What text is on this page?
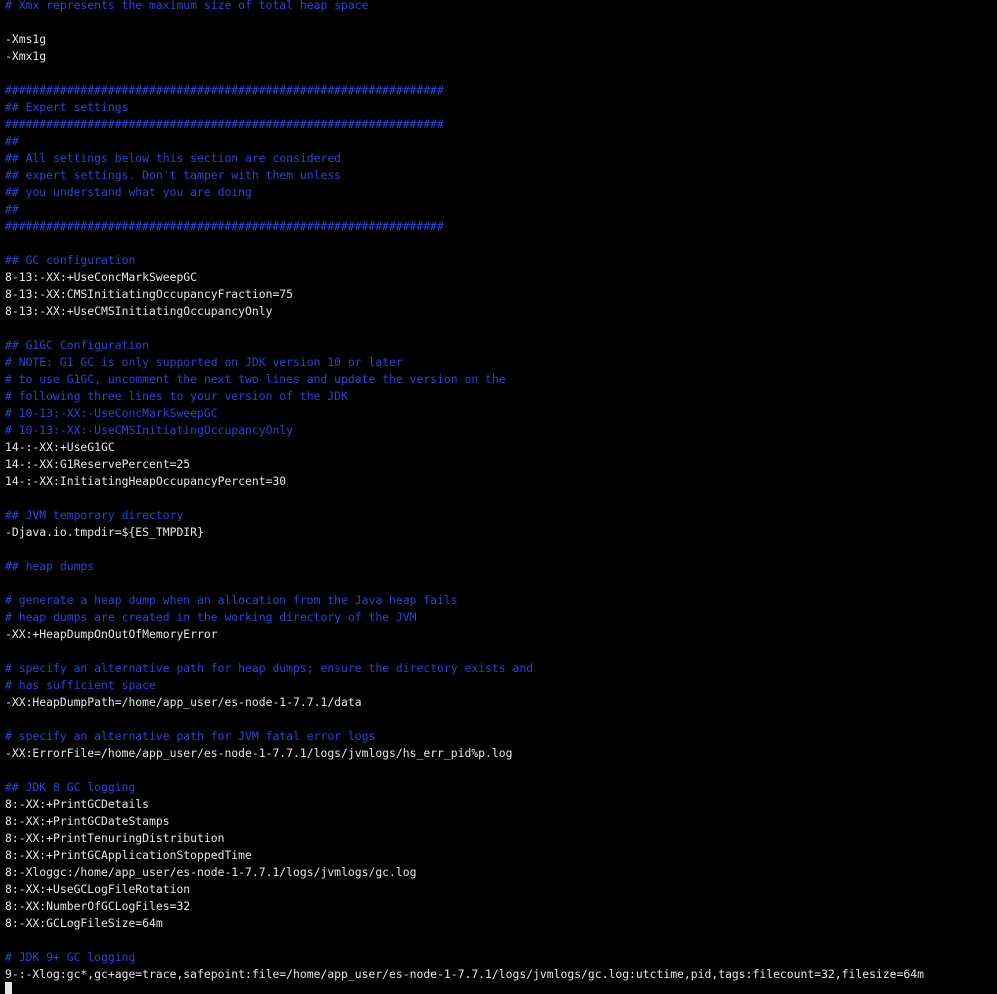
# Xmx represents the maximum size of total heap space
-Xms1g
-Xmx1g
################################################################
## Expert settings
################################################################
##
## All settings below this section are considered
## expert settings. Don't tamper with them unless
## you understand what you are doing
##
################################################################
## GC configuration
8-13:-XX:+UseConcMarkSweepGC
8-13:-XX:CMSInitiatingOccupancyFraction=75
8-13:-XX:+UseCMSInitiatingOccupancyOnly
## G1GC Configuration
# NOTE: G1 GC is only supported on JDK version 10 or later
# to use G1GC, uncomment the next two lines and update the version on the
# following three lines to your version of the JDK
# 10-13:-XX:-UseConcMarkSweepGC
# 10-13:-XX:-UseCMSInitiatingOccupancyOnly
14-:-XX:+UseG1GC
14-:-XX:G1ReservePercent=25
14-:-XX:InitiatingHeapOccupancyPercent=30
## JVM temporary directory
-Djava.io.tmpdir=${ES_TMPDIR}
## heap dumps
# generate a heap dump when an allocation from the Java heap fails
# heap dumps are created in the working directory of the JVM
-XX:+HeapDumpOnOutOfMemoryError
# specify an alternative path for heap dumps; ensure the directory exists and
# has sufficient space
-XX:HeapDumpPath=/home/app_user/es-node-1-7.7.1/data
# specify an alternative path for JVM fatal error logs
-XX:ErrorFile=/home/app_user/es-node-1-7.7.1/logs/jvmlogs/hs_err_pid%p.log
## JDK 8 GC logging
8:-XX:+PrintGCDetails
8:-XX:+PrintGCDateStamps
8:-XX:+PrintTenuringDistribution
8:-XX:+PrintGCApplicationStoppedTime
8:-Xloggc:/home/app_user/es-node-1-7.7.1/logs/jvmlogs/gc.log
8:-XX:+UseGCLogFileRotation
8:-XX:NumberOfGCLogFiles=32
8:-XX:GCLogFileSize=64m
# JDK 9+ GC logging
9-:-Xlog:gc*,gc+age=trace,safepoint:file=/home/app_user/es-node-1-7.7.1/logs/jvmlogs/gc.log:utctime,pid,tags:filecount=32,filesize=64m
